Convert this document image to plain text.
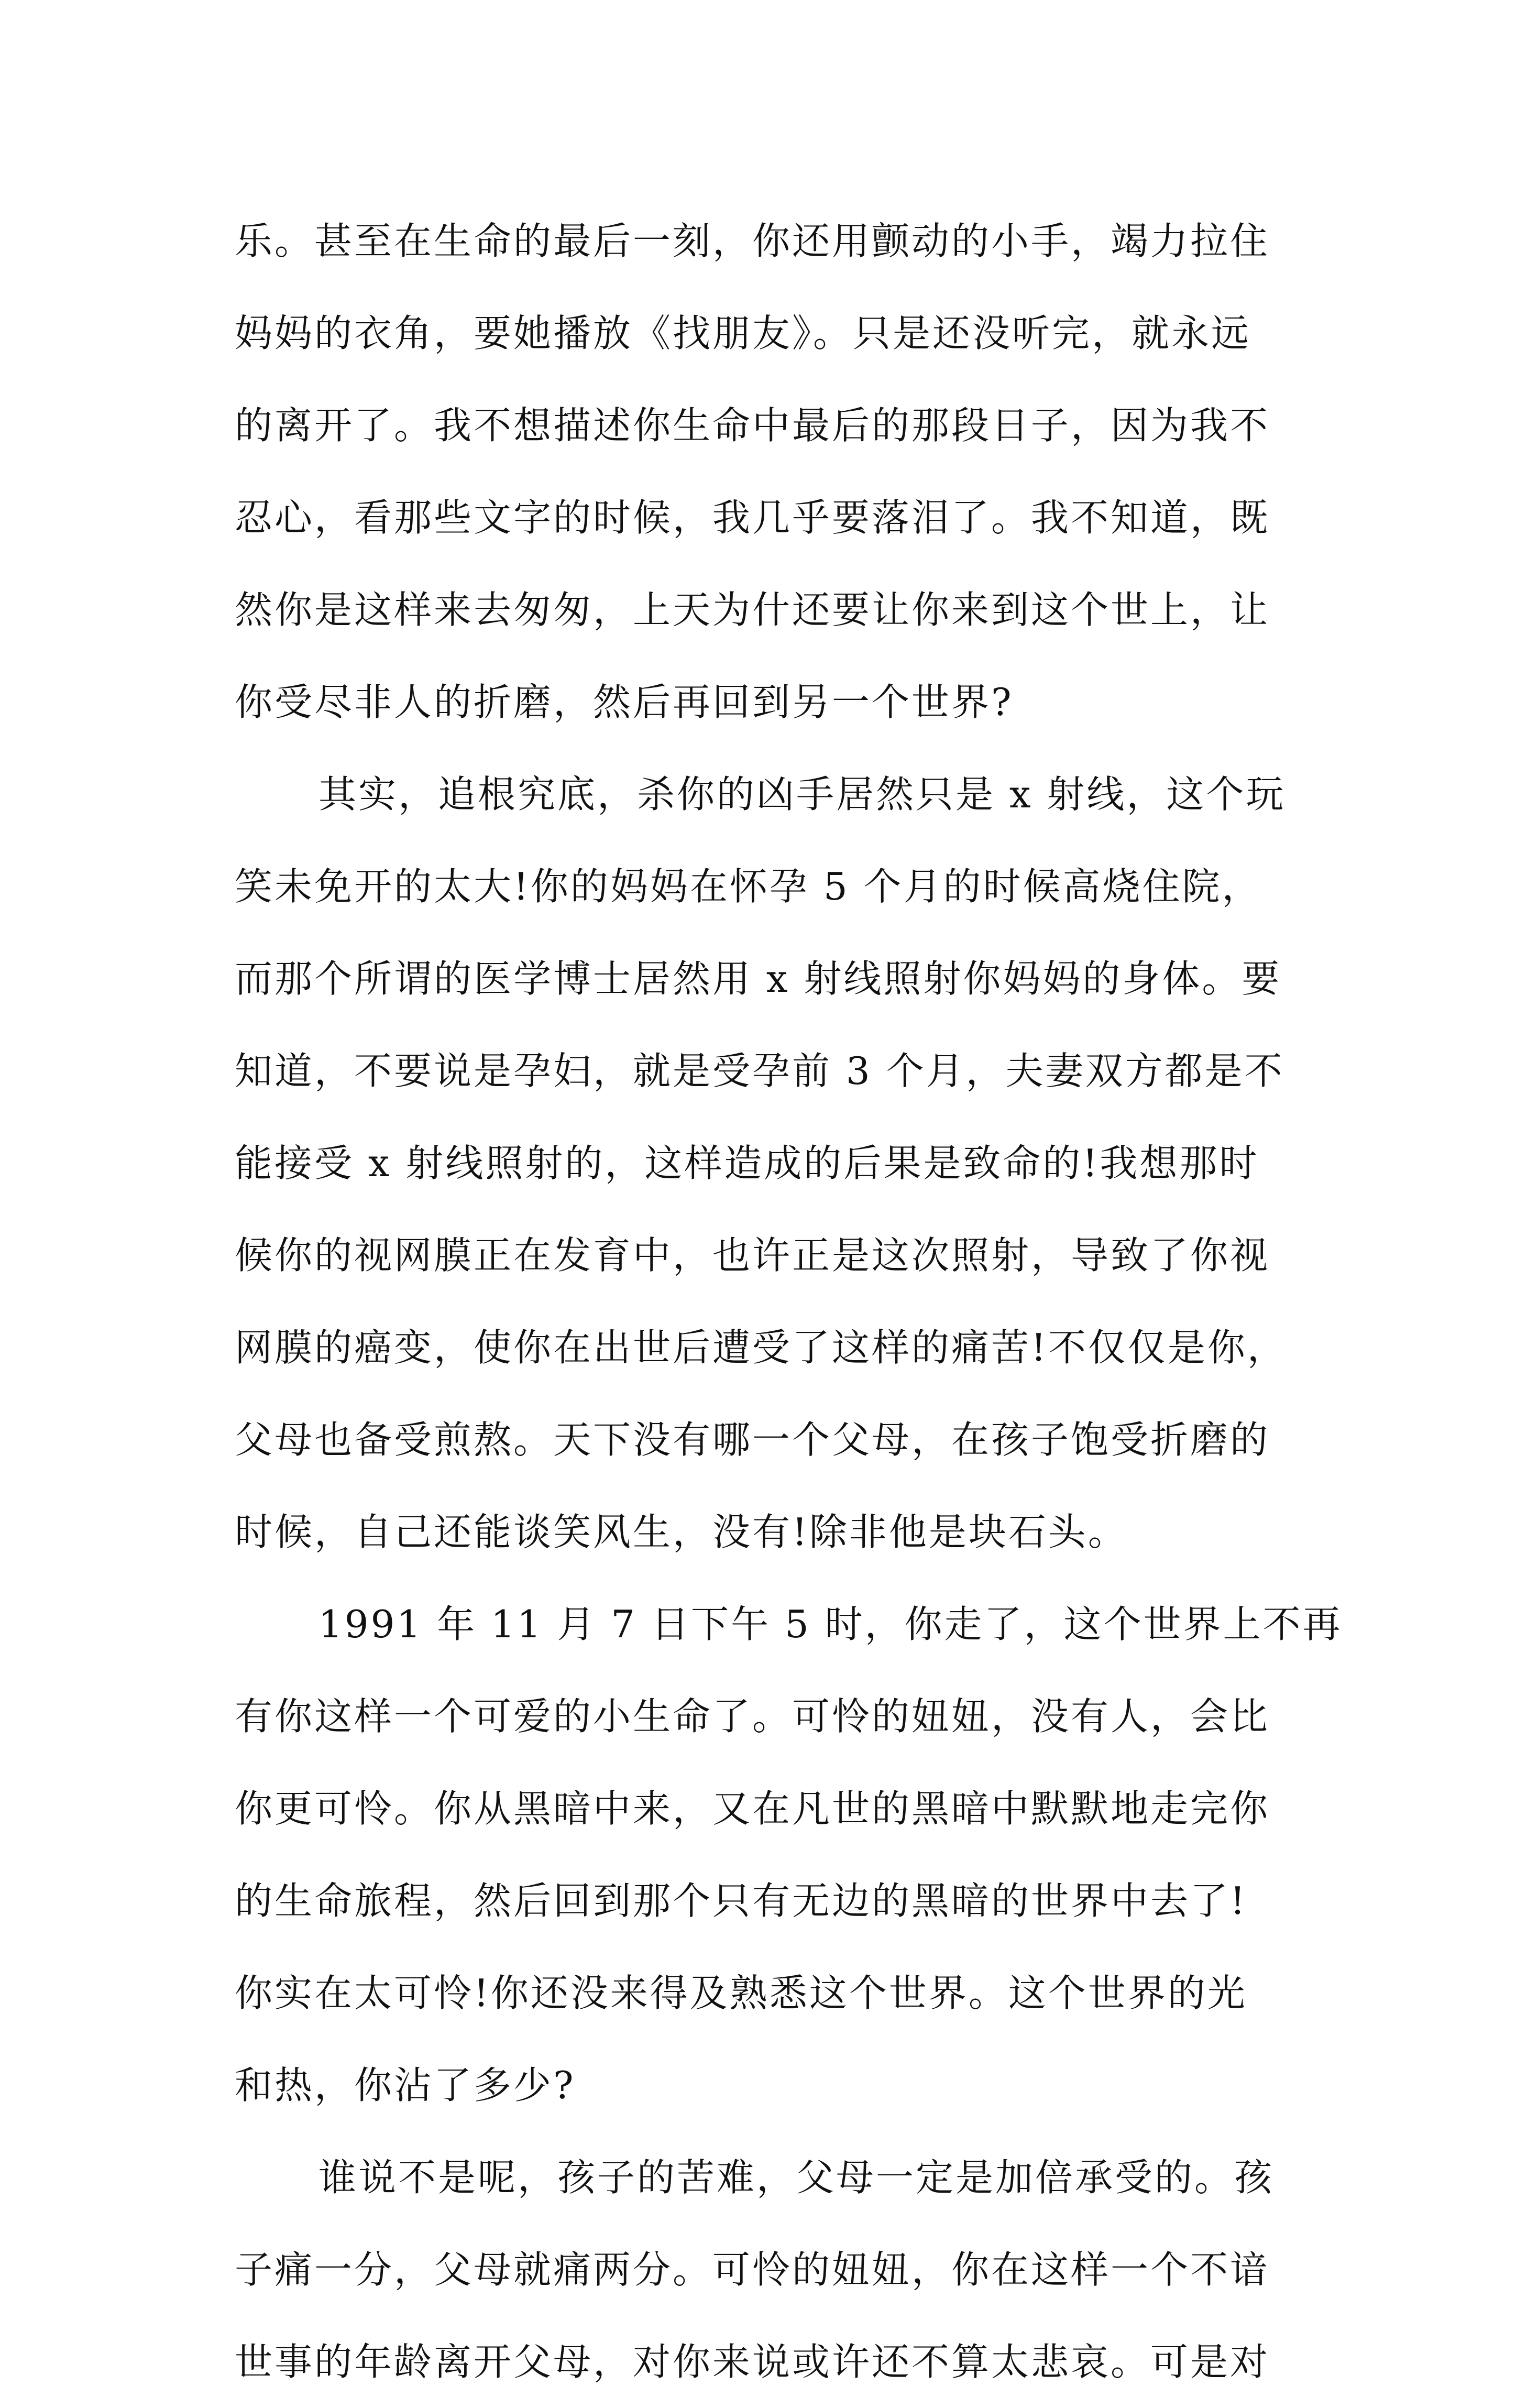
乐。甚至在生命的最后一刻，你还用颤动的小手，竭力拉住
妈妈的衣角，要她播放《找朋友》。只是还没听完，就永远
的离开了。我不想描述你生命中最后的那段日子，因为我不
忍心，看那些文字的时候，我几乎要落泪了。我不知道，既
然你是这样来去匆匆，上天为什还要让你来到这个世上，让
你受尽非人的折磨，然后再回到另一个世界?
其实，追根究底，杀你的凶手居然只是 x 射线，这个玩
笑未免开的太大!你的妈妈在怀孕 5 个月的时候高烧住院，
而那个所谓的医学博士居然用 x 射线照射你妈妈的身体。要
知道，不要说是孕妇，就是受孕前 3 个月，夫妻双方都是不
能接受 x 射线照射的，这样造成的后果是致命的!我想那时
候你的视网膜正在发育中，也许正是这次照射，导致了你视
网膜的癌变，使你在出世后遭受了这样的痛苦!不仅仅是你，
父母也备受煎熬。天下没有哪一个父母，在孩子饱受折磨的
时候，自己还能谈笑风生，没有!除非他是块石头。
1991 年 11 月 7 日下午 5 时，你走了，这个世界上不再
有你这样一个可爱的小生命了。可怜的妞妞，没有人，会比
你更可怜。你从黑暗中来，又在凡世的黑暗中默默地走完你
的生命旅程，然后回到那个只有无边的黑暗的世界中去了!
你实在太可怜!你还没来得及熟悉这个世界。这个世界的光
和热，你沾了多少?
谁说不是呢，孩子的苦难，父母一定是加倍承受的。孩
子痛一分，父母就痛两分。可怜的妞妞，你在这样一个不谙
世事的年龄离开父母，对你来说或许还不算太悲哀。可是对
